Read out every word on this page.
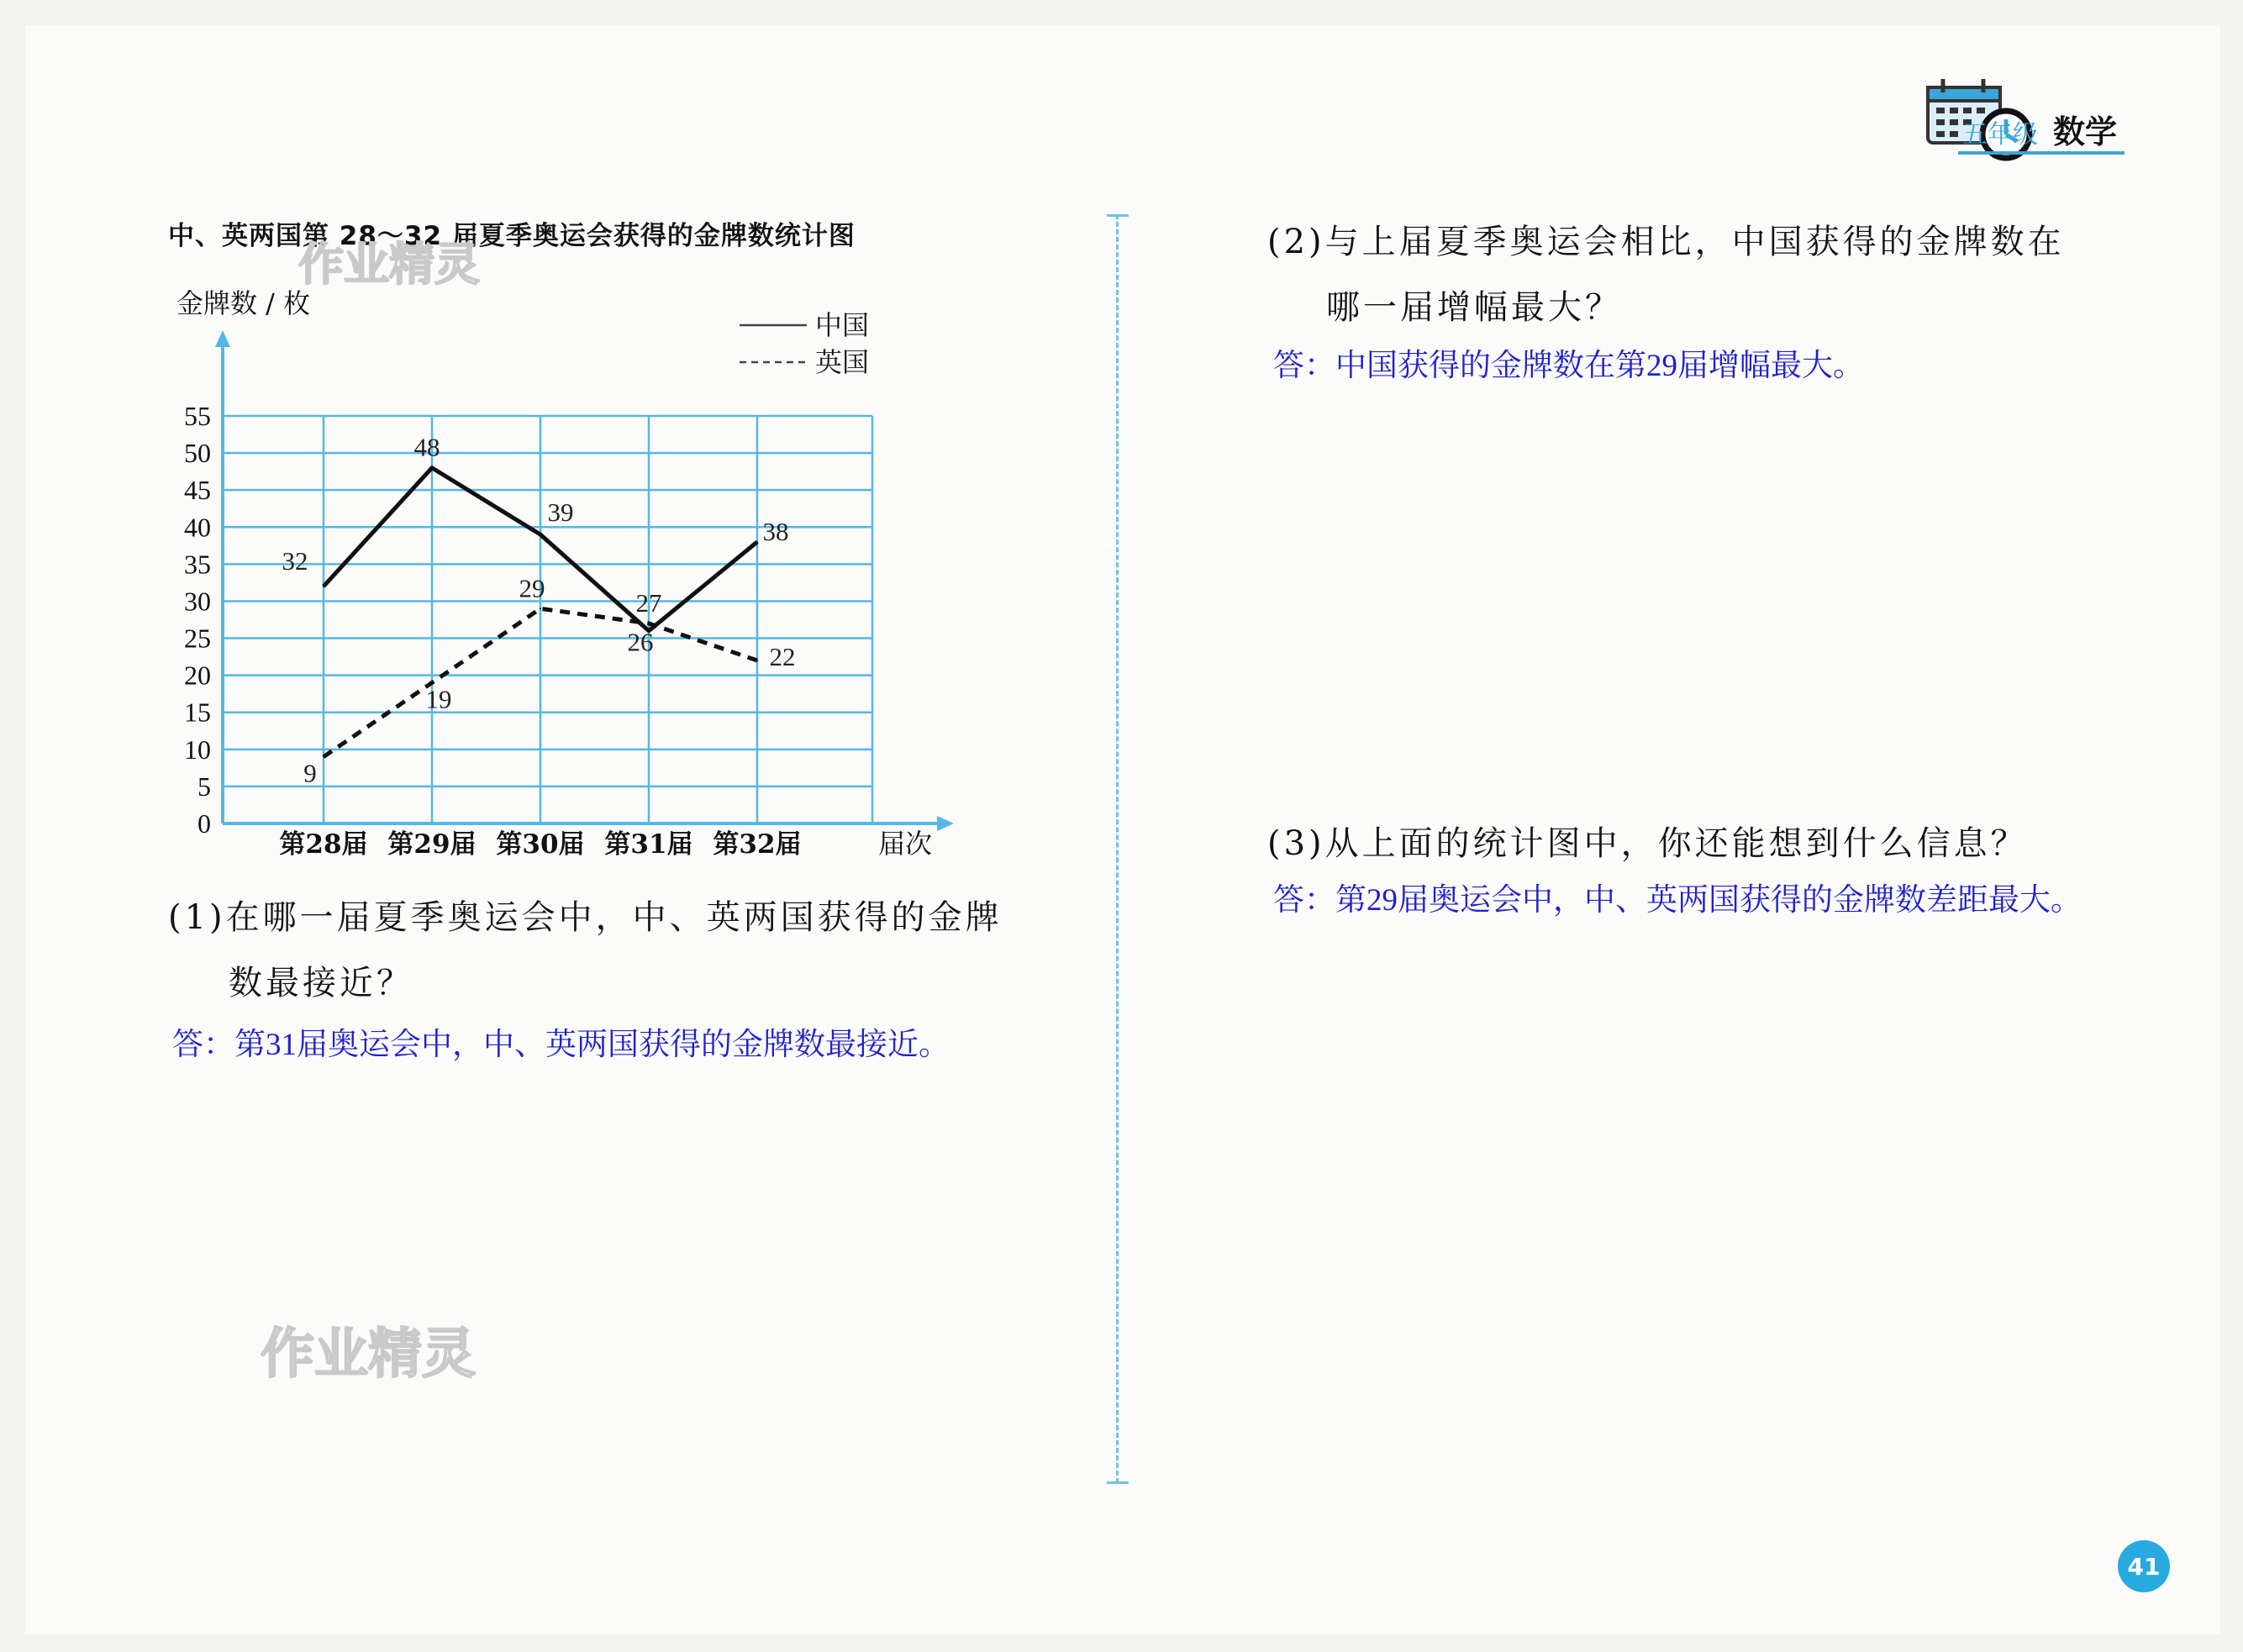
五年级 数学
中、英两国第 28～32 届夏季奥运会获得的金牌数统计图
0
5
10
15
20
25
30
35
40
45
50
55
金牌数 / 枚
届次
第28届 第29届 第30届 第31届 第32届
32
48
39
26
38
9
19
29
27
22
中国
英国
(1)在哪一届夏季奥运会中，中、英两国获得的金牌
数最接近？
答：第31届奥运会中，中、英两国获得的金牌数最接近。
(2)与上届夏季奥运会相比，中国获得的金牌数在
哪一届增幅最大？
答：中国获得的金牌数在第29届增幅最大。
(3)从上面的统计图中，你还能想到什么信息？
答：第29届奥运会中，中、英两国获得的金牌数差距最大。
作业精灵
作业精灵
41
